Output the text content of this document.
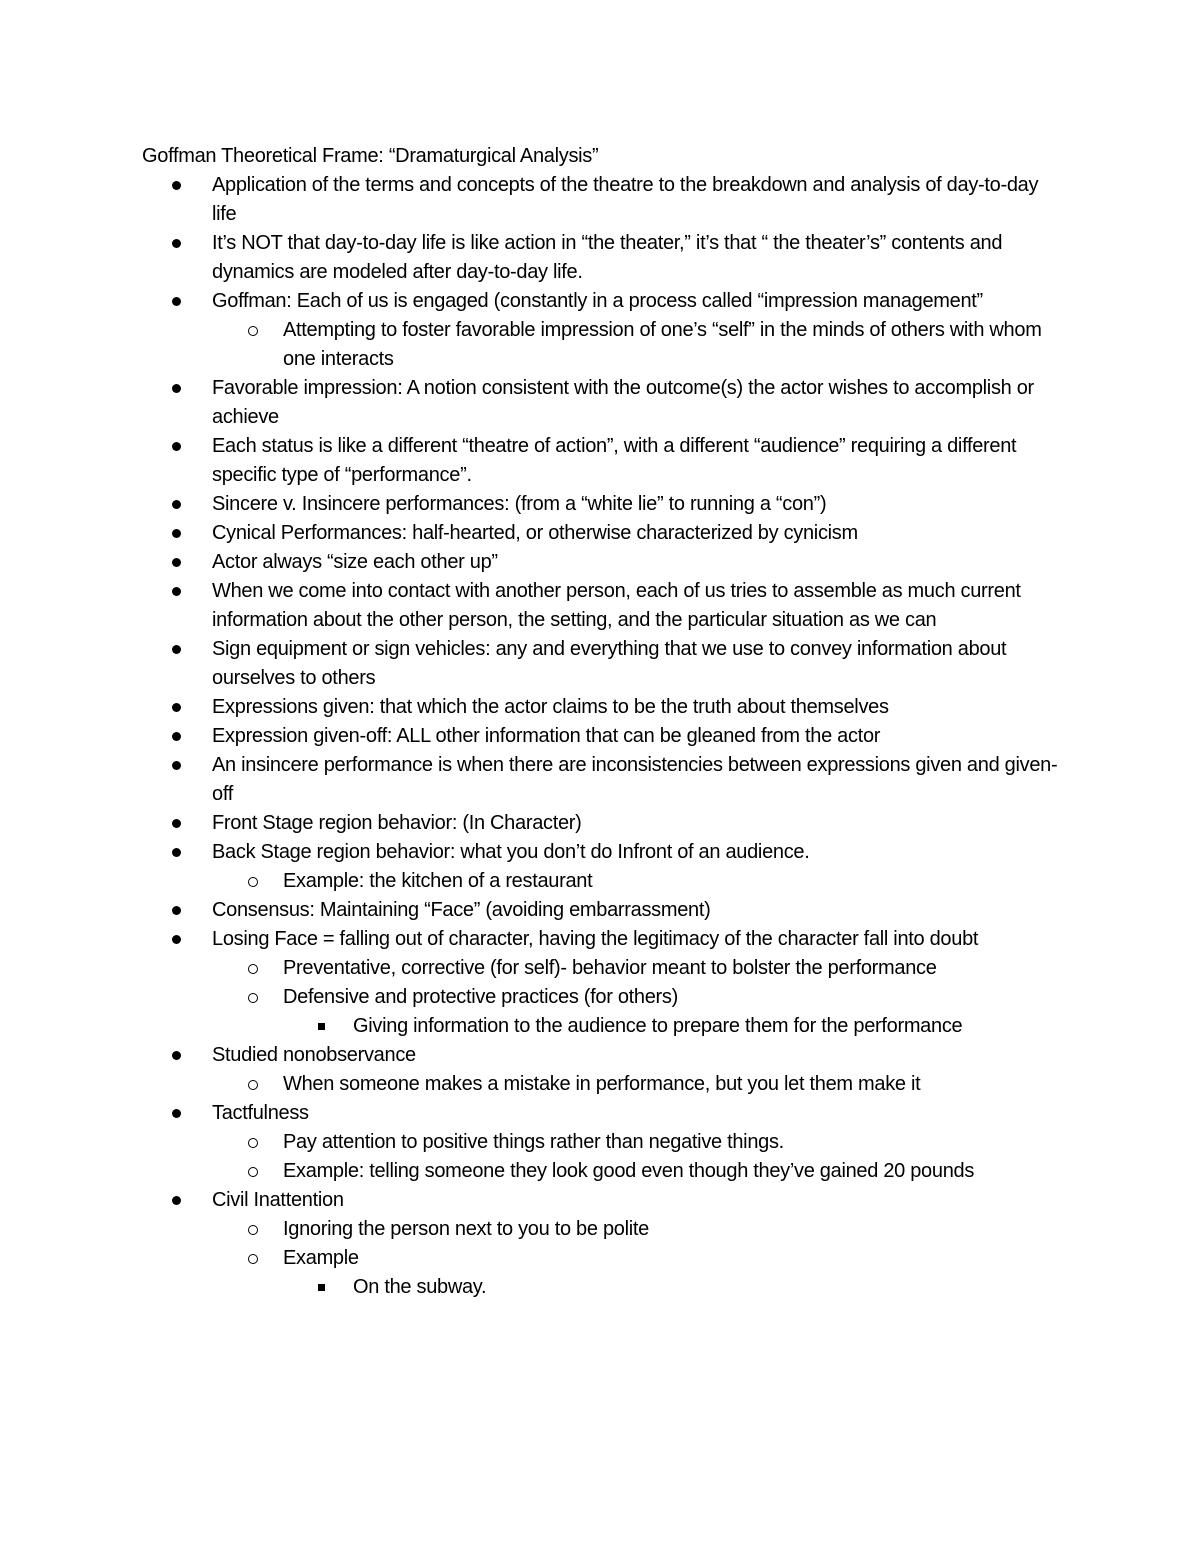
Goffman Theoretical Frame: “Dramaturgical Analysis”
Application of the terms and concepts of the theatre to the breakdown and analysis of day-to-day life
It’s NOT that day-to-day life is like action in “the theater,” it’s that “ the theater’s” contents and dynamics are modeled after day-to-day life.
Goffman: Each of us is engaged (constantly in a process called “impression management”
Attempting to foster favorable impression of one’s “self” in the minds of others with whom one interacts
Favorable impression: A notion consistent with the outcome(s) the actor wishes to accomplish or achieve
Each status is like a different “theatre of action”, with a different “audience” requiring a different specific type of “performance”.
Sincere v. Insincere performances: (from a “white lie” to running a “con”)
Cynical Performances: half-hearted, or otherwise characterized by cynicism
Actor always “size each other up”
When we come into contact with another person, each of us tries to assemble as much current information about the other person, the setting, and the particular situation as we can
Sign equipment or sign vehicles: any and everything that we use to convey information about ourselves to others
Expressions given: that which the actor claims to be the truth about themselves
Expression given-off: ALL other information that can be gleaned from the actor
An insincere performance is when there are inconsistencies between expressions given and given-off
Front Stage region behavior: (In Character)
Back Stage region behavior: what you don’t do Infront of an audience.
Example: the kitchen of a restaurant
Consensus: Maintaining “Face” (avoiding embarrassment)
Losing Face = falling out of character, having the legitimacy of the character fall into doubt
Preventative, corrective (for self)- behavior meant to bolster the performance
Defensive and protective practices (for others)
Giving information to the audience to prepare them for the performance
Studied nonobservance
When someone makes a mistake in performance, but you let them make it
Tactfulness
Pay attention to positive things rather than negative things.
Example: telling someone they look good even though they’ve gained 20 pounds
Civil Inattention
Ignoring the person next to you to be polite
Example
On the subway.
